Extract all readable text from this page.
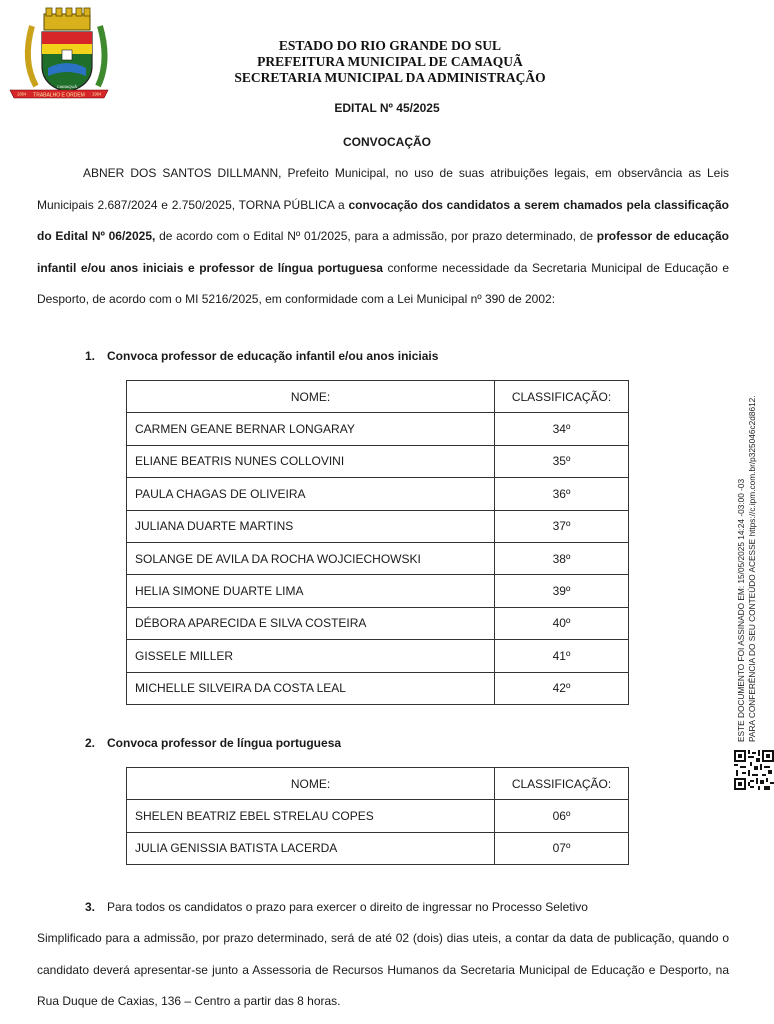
TRABALHO E ORDEM
1864	1964
CAMAQUÃ
ESTADO DO RIO GRANDE DO SUL
PREFEITURA MUNICIPAL DE CAMAQUÃ
SECRETARIA MUNICIPAL DA ADMINISTRAÇÃO
EDITAL Nº 45/2025
CONVOCAÇÃO
ABNER DOS SANTOS DILLMANN, Prefeito Municipal, no uso de suas atribuições legais, em observância as Leis Municipais 2.687/2024 e 2.750/2025, TORNA PÚBLICA a convocação dos candidatos a serem chamados pela classificação do Edital Nº 06/2025, de acordo com o Edital Nº 01/2025, para a admissão, por prazo determinado, de professor de educação infantil e/ou anos iniciais e professor de língua portuguesa conforme necessidade da Secretaria Municipal de Educação e Desporto, de acordo com o MI 5216/2025, em conformidade com a Lei Municipal nº 390 de 2002:
1. Convoca professor de educação infantil e/ou anos iniciais
NOME:	CLASSIFICAÇÃO:
CARMEN GEANE BERNAR LONGARAY	34º
ELIANE BEATRIS NUNES COLLOVINI	35º
PAULA CHAGAS DE OLIVEIRA	36º
JULIANA DUARTE MARTINS	37º
SOLANGE DE AVILA DA ROCHA WOJCIECHOWSKI	38º
HELIA SIMONE DUARTE LIMA	39º
DÉBORA APARECIDA E SILVA COSTEIRA	40º
GISSELE MILLER	41º
MICHELLE SILVEIRA DA COSTA LEAL	42º
2. Convoca professor de língua portuguesa
NOME:	CLASSIFICAÇÃO:
SHELEN BEATRIZ EBEL STRELAU COPES	06º
JULIA GENISSIA BATISTA LACERDA	07º
3. Para todos os candidatos o prazo para exercer o direito de ingressar no Processo Seletivo
Simplificado para a admissão, por prazo determinado, será de até 02 (dois) dias uteis, a contar da data de publicação, quando o candidato deverá apresentar-se junto a Assessoria de Recursos Humanos da Secretaria Municipal de Educação e Desporto, na Rua Duque de Caxias, 136 – Centro a partir das 8 horas.
ESTE DOCUMENTO FOI ASSINADO EM: 15/05/2025 14:24 -03:00 -03 PARA CONFERÊNCIA DO SEU CONTEÚDO ACESSE https://c.ipm.com.br/p325046c2d8612.
